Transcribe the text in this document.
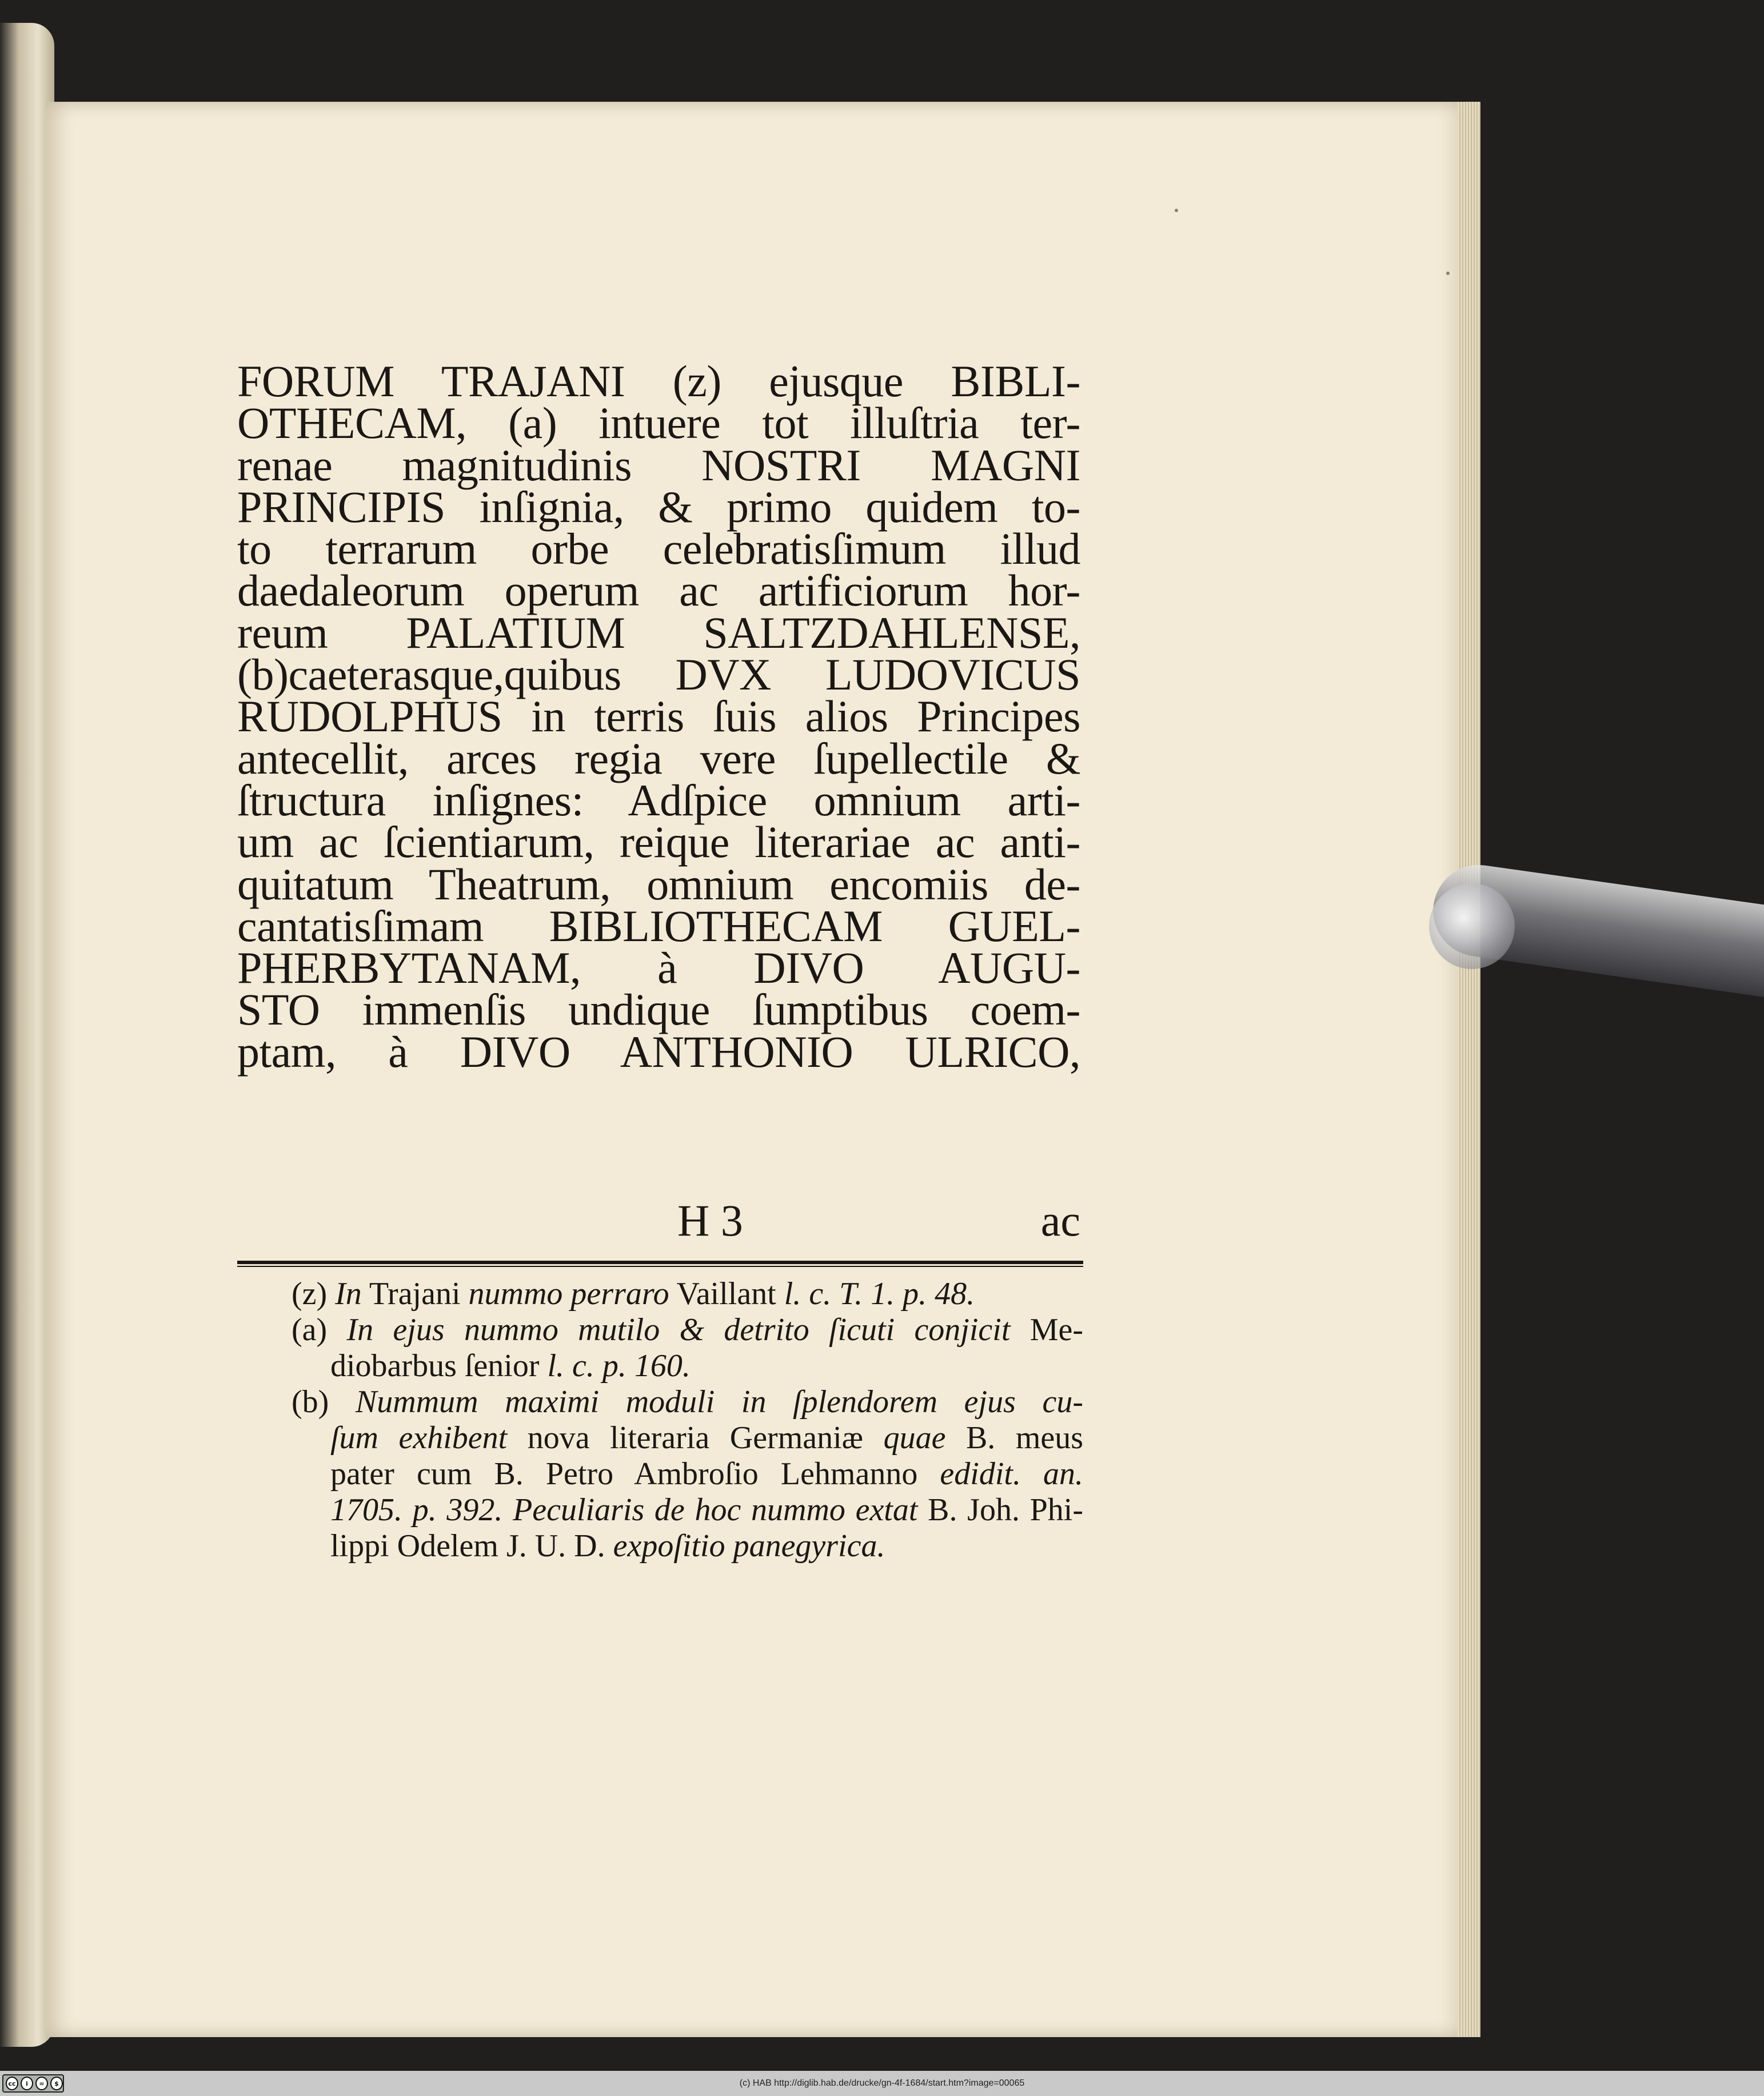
FORUM TRAJANI (z) ejusque BIBLI-
OTHECAM, (a) intuere tot illuſtria ter-
renae magnitudinis NOSTRI MAGNI
PRINCIPIS inſignia, & primo quidem to-
to terrarum orbe celebratisſimum illud
daedaleorum operum ac artificiorum hor-
reum PALATIUM SALTZDAHLENSE,
(b)caeterasque,quibus DVX LUDOVICUS
RUDOLPHUS in terris ſuis alios Principes
antecellit, arces regia vere ſupellectile &
ſtructura inſignes: Adſpice omnium arti-
um ac ſcientiarum, reique literariae ac anti-
quitatum Theatrum, omnium encomiis de-
cantatisſimam BIBLIOTHECAM GUEL-
PHERBYTANAM, à DIVO AUGU-
STO immenſis undique ſumptibus coem-
ptam, à DIVO ANTHONIO ULRICO,
H 3	ac
(z) In Trajani nummo perraro Vaillant l. c. T. 1. p. 48.
(a) In ejus nummo mutilo & detrito ſicuti conjicit Me-
diobarbus ſenior l. c. p. 160.
(b) Nummum maximi moduli in ſplendorem ejus cu-
ſum exhibent nova literaria Germaniæ quae B. meus
pater cum B. Petro Ambroſio Lehmanno edidit. an.
1705. p. 392. Peculiaris de hoc nummo extat B. Joh. Phi-
lippi Odelem J. U. D. expoſitio panegyrica.
cc	i	=	$	(c) HAB http://diglib.hab.de/drucke/gn-4f-1684/start.htm?image=00065
